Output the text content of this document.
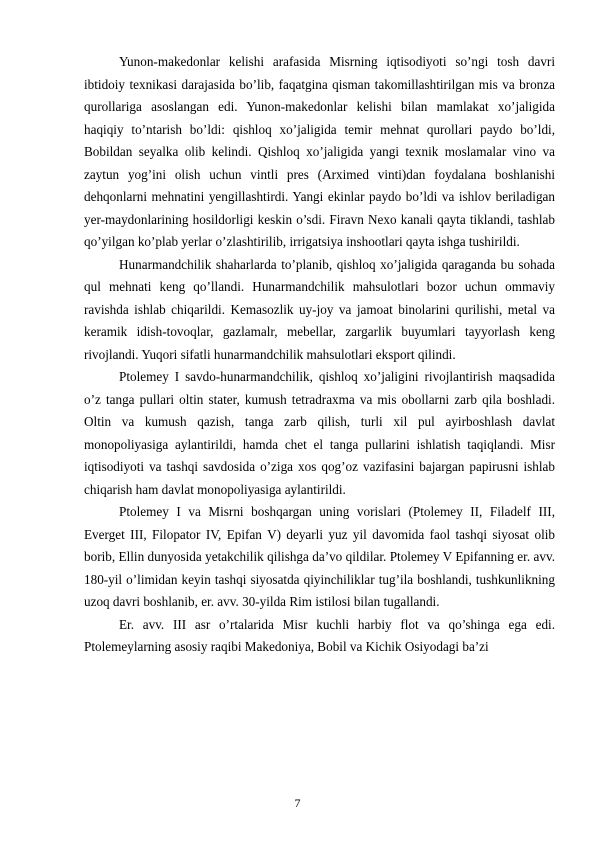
Yunon-makedonlar kelishi arafasida Misrning iqtisodiyoti so’ngi tosh davri ibtidoiy texnikasi darajasida bo’lib, faqatgina qisman takomillashtirilgan mis va bronza qurollariga asoslangan edi. Yunon-makedonlar kelishi bilan mamlakat xo’jaligida haqiqiy to’ntarish bo’ldi: qishloq xo’jaligida temir mehnat qurollari paydo bo’ldi, Bobildan seyalka olib kelindi. Qishloq xo’jaligida yangi texnik moslamalar vino va zaytun yog’ini olish uchun vintli pres (Arximed vinti)dan foydalana boshlanishi dehqonlarni mehnatini yengillashtirdi. Yangi ekinlar paydo bo’ldi va ishlov beriladigan yer-maydonlarining hosildorligi keskin o’sdi. Firavn Nexo kanali qayta tiklandi, tashlab qo’yilgan ko’plab yerlar o’zlashtirilib, irrigatsiya inshootlari qayta ishga tushirildi.

Hunarmandchilik shaharlarda to’planib, qishloq xo’jaligida qaraganda bu sohada qul mehnati keng qo’llandi. Hunarmandchilik mahsulotlari bozor uchun ommaviy ravishda ishlab chiqarildi. Kemasozlik uy-joy va jamoat binolarini qurilishi, metal va keramik idish-tovoqlar, gazlamalr, mebellar, zargarlik buyumlari tayyorlash keng rivojlandi. Yuqori sifatli hunarmandchilik mahsulotlari eksport qilindi.

Ptolemey I savdo-hunarmandchilik, qishloq xo’jaligini rivojlantirish maqsadida o’z tanga pullari oltin stater, kumush tetradraxma va mis obollarni zarb qila boshladi. Oltin va kumush qazish, tanga zarb qilish, turli xil pul ayirboshlash davlat monopoliyasiga aylantirildi, hamda chet el tanga pullarini ishlatish taqiqlandi. Misr iqtisodiyoti va tashqi savdosida o’ziga xos qog’oz vazifasini bajargan papirusni ishlab chiqarish ham davlat monopoliyasiga aylantirildi.

Ptolemey I va Misrni boshqargan uning vorislari (Ptolemey II, Filadelf III, Everget III, Filopator IV, Epifan V) deyarli yuz yil davomida faol tashqi siyosat olib borib, Ellin dunyosida yetakchilik qilishga da’vo qildilar. Ptolemey V Epifanning er. avv. 180-yil o’limidan keyin tashqi siyosatda qiyinchiliklar tug’ila boshlandi, tushkunlikning uzoq davri boshlanib, er. avv. 30-yilda Rim istilosi bilan tugallandi.

Er. avv. III asr o’rtalarida Misr kuchli harbiy flot va qo’shinga ega edi. Ptolemeylarning asosiy raqibi Makedoniya, Bobil va Kichik Osiyodagi ba’zi

7
